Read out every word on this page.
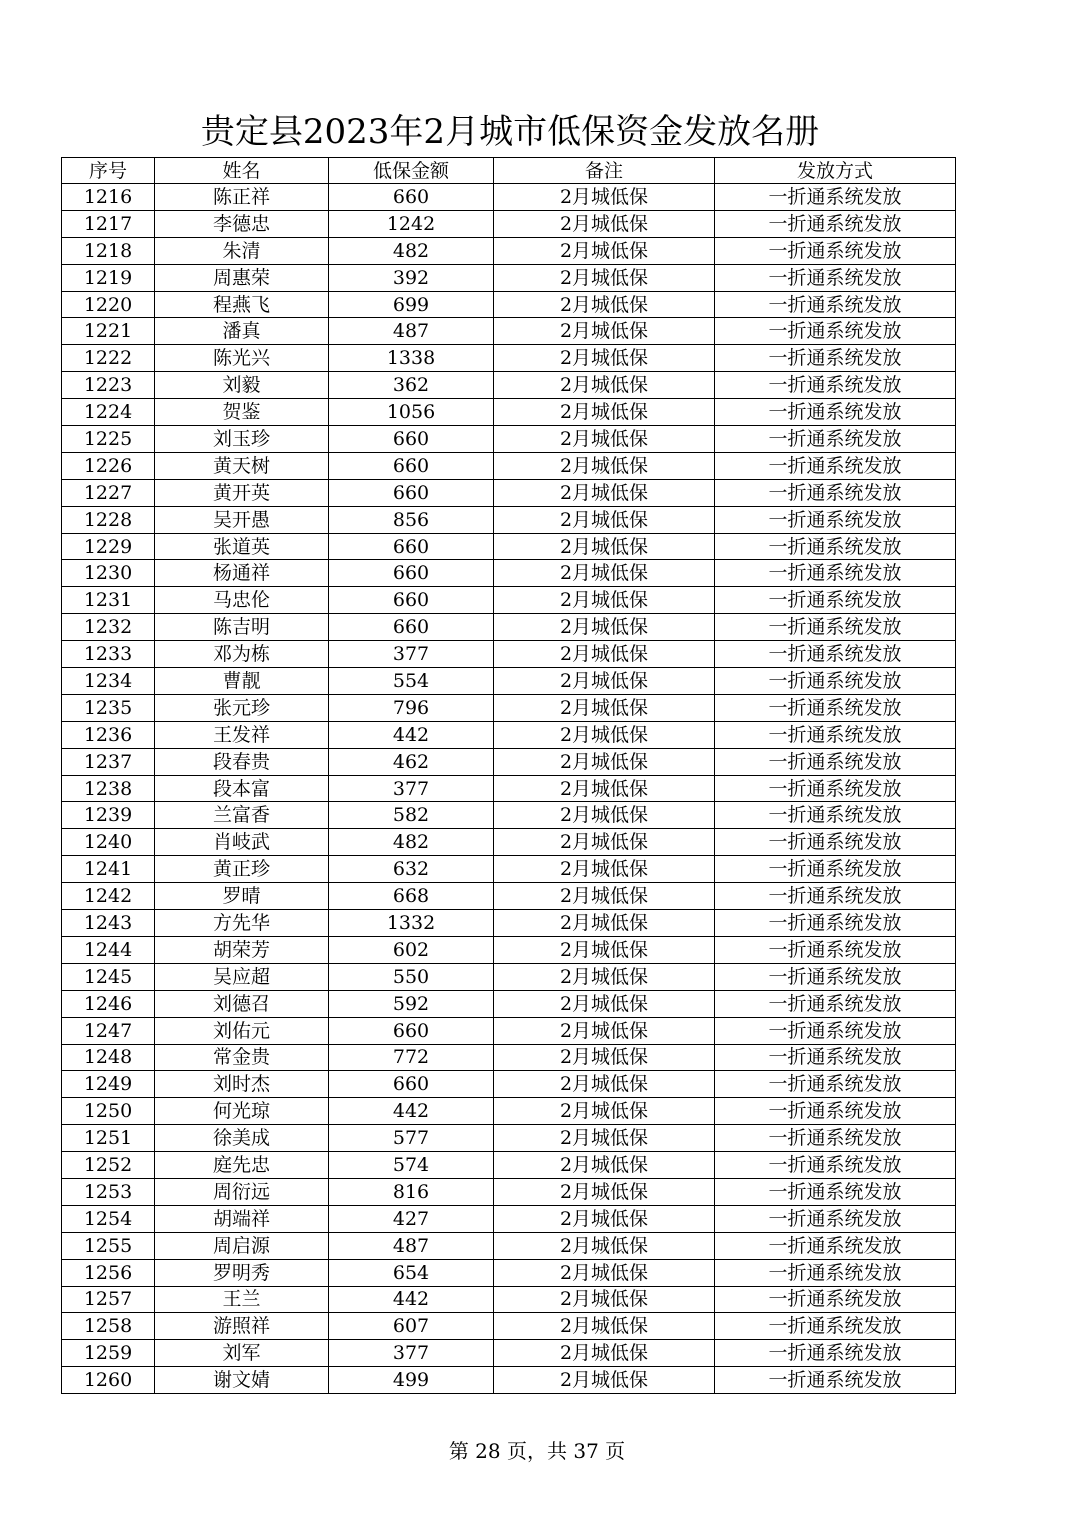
贵定县2023年2月城市低保资金发放名册
序号	姓名	低保金额	备注	发放方式
1216	陈正祥	660	2月城低保	一折通系统发放
1217	李德忠	1242	2月城低保	一折通系统发放
1218	朱清	482	2月城低保	一折通系统发放
1219	周惠荣	392	2月城低保	一折通系统发放
1220	程燕飞	699	2月城低保	一折通系统发放
1221	潘真	487	2月城低保	一折通系统发放
1222	陈光兴	1338	2月城低保	一折通系统发放
1223	刘毅	362	2月城低保	一折通系统发放
1224	贺鉴	1056	2月城低保	一折通系统发放
1225	刘玉珍	660	2月城低保	一折通系统发放
1226	黄天树	660	2月城低保	一折通系统发放
1227	黄开英	660	2月城低保	一折通系统发放
1228	吴开愚	856	2月城低保	一折通系统发放
1229	张道英	660	2月城低保	一折通系统发放
1230	杨通祥	660	2月城低保	一折通系统发放
1231	马忠伦	660	2月城低保	一折通系统发放
1232	陈吉明	660	2月城低保	一折通系统发放
1233	邓为栋	377	2月城低保	一折通系统发放
1234	曹靓	554	2月城低保	一折通系统发放
1235	张元珍	796	2月城低保	一折通系统发放
1236	王发祥	442	2月城低保	一折通系统发放
1237	段春贵	462	2月城低保	一折通系统发放
1238	段本富	377	2月城低保	一折通系统发放
1239	兰富香	582	2月城低保	一折通系统发放
1240	肖岐武	482	2月城低保	一折通系统发放
1241	黄正珍	632	2月城低保	一折通系统发放
1242	罗晴	668	2月城低保	一折通系统发放
1243	方先华	1332	2月城低保	一折通系统发放
1244	胡荣芳	602	2月城低保	一折通系统发放
1245	吴应超	550	2月城低保	一折通系统发放
1246	刘德召	592	2月城低保	一折通系统发放
1247	刘佑元	660	2月城低保	一折通系统发放
1248	常金贵	772	2月城低保	一折通系统发放
1249	刘时杰	660	2月城低保	一折通系统发放
1250	何光琼	442	2月城低保	一折通系统发放
1251	徐美成	577	2月城低保	一折通系统发放
1252	庭先忠	574	2月城低保	一折通系统发放
1253	周衍远	816	2月城低保	一折通系统发放
1254	胡端祥	427	2月城低保	一折通系统发放
1255	周启源	487	2月城低保	一折通系统发放
1256	罗明秀	654	2月城低保	一折通系统发放
1257	王兰	442	2月城低保	一折通系统发放
1258	游照祥	607	2月城低保	一折通系统发放
1259	刘军	377	2月城低保	一折通系统发放
1260	谢文婧	499	2月城低保	一折通系统发放
第 28 页，共 37 页
